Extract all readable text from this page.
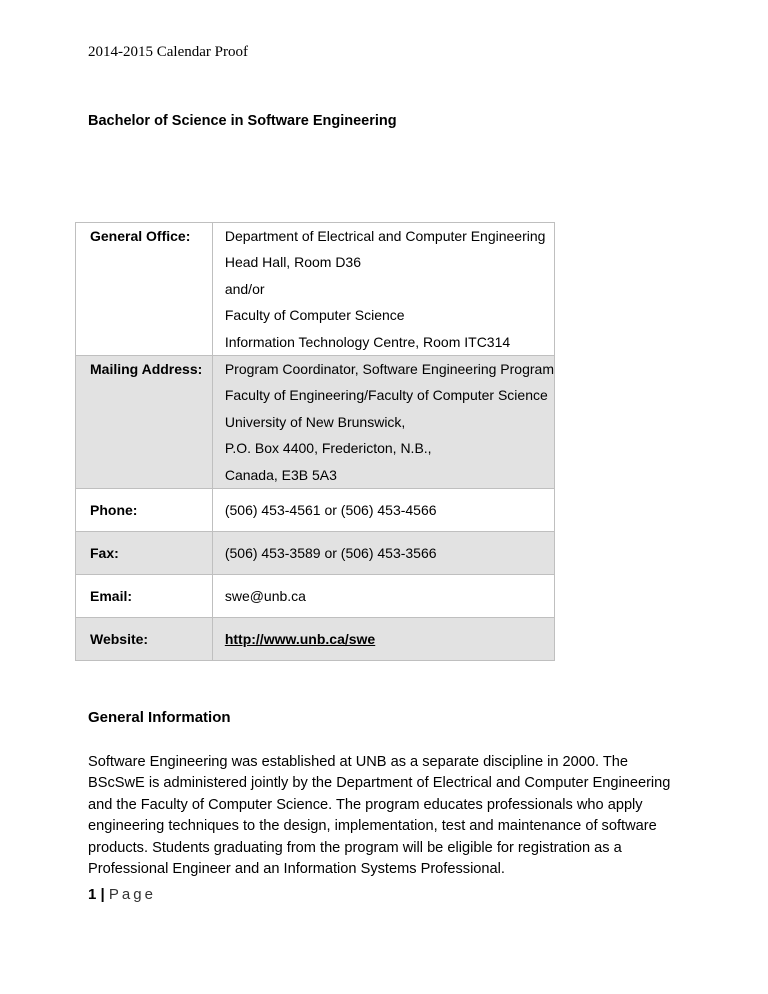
2014-2015 Calendar Proof
Bachelor of Science in Software Engineering
General Office:	Department of Electrical and Computer Engineering
Head Hall, Room D36
and/or
Faculty of Computer Science
Information Technology Centre, Room ITC314

Mailing Address:	Program Coordinator, Software Engineering Program
Faculty of Engineering/Faculty of Computer Science
University of New Brunswick,
P.O. Box 4400, Fredericton, N.B.,
Canada, E3B 5A3

Phone:	(506) 453-4561 or (506) 453-4566

Fax:	(506) 453-3589 or (506) 453-3566

Email:	swe@unb.ca

Website:	http://www.unb.ca/swe
General Information
Software Engineering was established at UNB as a separate discipline in 2000. The BScSwE is administered jointly by the Department of Electrical and Computer Engineering and the Faculty of Computer Science. The program educates professionals who apply engineering techniques to the design, implementation, test and maintenance of software products. Students graduating from the program will be eligible for registration as a Professional Engineer and an Information Systems Professional.
1 | Page
